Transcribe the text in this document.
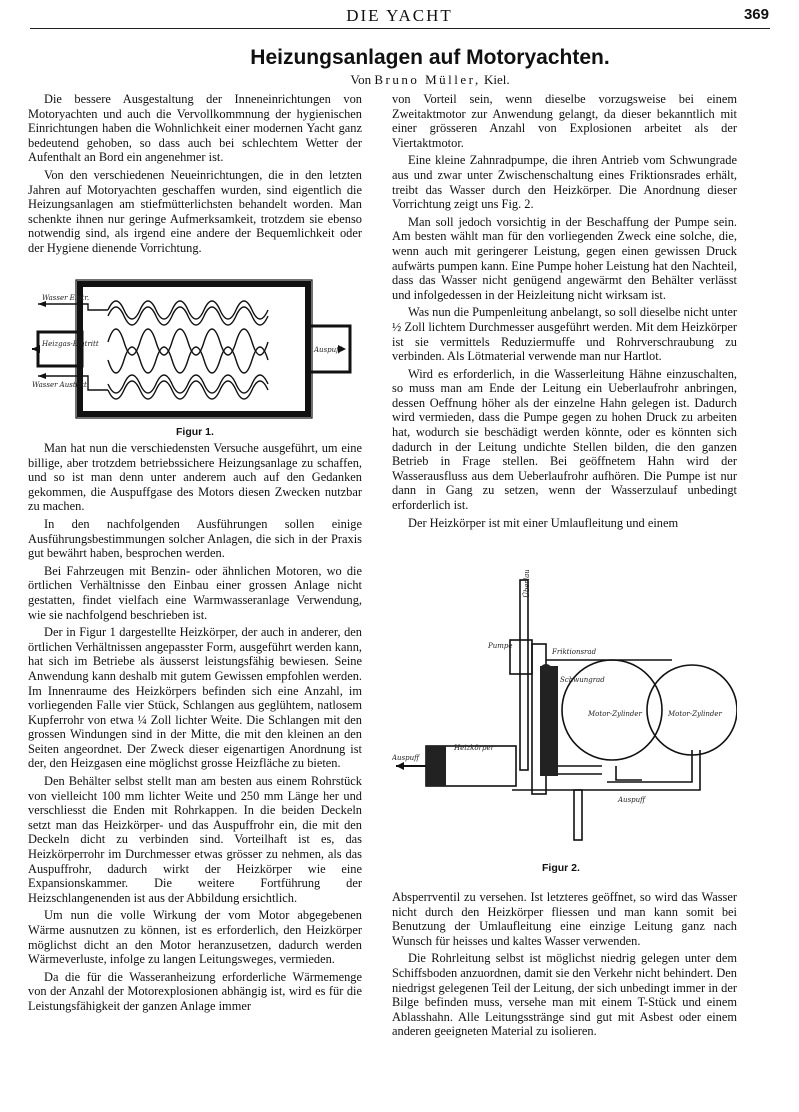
DIE YACHT	369
Heizungsanlagen auf Motoryachten.
Von Bruno Müller, Kiel.

Die bessere Ausgestaltung der Inneneinrichtungen von Motoryachten und auch die Vervollkommnung der hygienischen Einrichtungen haben die Wohnlichkeit einer modernen Yacht ganz bedeutend gehoben, so dass auch bei schlechtem Wetter der Aufenthalt an Bord ein angenehmer ist.

Von den verschiedenen Neueinrichtungen, die in den letzten Jahren auf Motoryachten geschaffen wurden, sind eigentlich die Heizungsanlagen am stiefmütterlichsten behandelt worden. Man schenkte ihnen nur geringe Aufmerksamkeit, trotzdem sie ebenso notwendig sind, als irgend eine andere der Bequemlichkeit oder der Hygiene dienende Vorrichtung.

Wasser Eintr.
Heizgas-Eintritt
Wasser Austritt
Auspuff
Figur 1.

Man hat nun die verschiedensten Versuche ausgeführt, um eine billige, aber trotzdem betriebssichere Heizungsanlage zu schaffen, und so ist man denn unter anderem auch auf den Gedanken gekommen, die Auspuffgase des Motors diesen Zwecken nutzbar zu machen.

In den nachfolgenden Ausführungen sollen einige Ausführungsbestimmungen solcher Anlagen, die sich in der Praxis gut bewährt haben, besprochen werden.

Bei Fahrzeugen mit Benzin- oder ähnlichen Motoren, wo die örtlichen Verhältnisse den Einbau einer grossen Anlage nicht gestatten, findet vielfach eine Warmwasseranlage Verwendung, wie sie nachfolgend beschrieben ist.

Der in Figur 1 dargestellte Heizkörper, der auch in anderer, den örtlichen Verhältnissen angepasster Form, ausgeführt werden kann, hat sich im Betriebe als äusserst leistungsfähig bewiesen. Seine Anwendung kann deshalb mit gutem Gewissen empfohlen werden. Im Innenraume des Heizkörpers befinden sich eine Anzahl, im vorliegenden Falle vier Stück, Schlangen aus geglühtem, natlosem Kupferrohr von etwa ¼ Zoll lichter Weite. Die Schlangen mit den grossen Windungen sind in der Mitte, die mit den kleinen an den Seiten angeordnet. Der Zweck dieser eigenartigen Anordnung ist der, den Heizgasen eine möglichst grosse Heizfläche zu bieten.

Den Behälter selbst stellt man am besten aus einem Rohrstück von vielleicht 100 mm lichter Weite und 250 mm Länge her und verschliesst die Enden mit Rohrkappen. In die beiden Deckeln setzt man das Heizkörper- und das Auspuffrohr ein, die mit den Deckeln dicht zu verbinden sind. Vorteilhaft ist es, das Heizkörperrohr im Durchmesser etwas grösser zu nehmen, als das Auspuffrohr, dadurch wirkt der Heizkörper wie eine Expansionskammer. Die weitere Fortführung der Heizschlangenenden ist aus der Abbildung ersichtlich.

Um nun die volle Wirkung der vom Motor abgegebenen Wärme ausnutzen zu können, ist es erforderlich, den Heizkörper möglichst dicht an den Motor heranzusetzen, dadurch werden Wärmeverluste, infolge zu langen Leitungsweges, vermieden.

Da die für die Wasseranheizung erforderliche Wärmemenge von der Anzahl der Motorexplosionen abhängig ist, wird es für die Leistungsfähigkeit der ganzen Anlage immer

von Vorteil sein, wenn dieselbe vorzugsweise bei einem Zweitaktmotor zur Anwendung gelangt, da dieser bekanntlich mit einer grösseren Anzahl von Explosionen arbeitet als der Viertaktmotor.

Eine kleine Zahnradpumpe, die ihren Antrieb vom Schwungrade aus und zwar unter Zwischenschaltung eines Friktionsrades erhält, treibt das Wasser durch den Heizkörper. Die Anordnung dieser Vorrichtung zeigt uns Fig. 2.

Man soll jedoch vorsichtig in der Beschaffung der Pumpe sein. Am besten wählt man für den vorliegenden Zweck eine solche, die, wenn auch mit geringerer Leistung, gegen einen gewissen Druck aufwärts pumpen kann. Eine Pumpe hoher Leistung hat den Nachteil, dass das Wasser nicht genügend angewärmt den Behälter verlässt und infolgedessen in der Heizleitung nicht wirksam ist.

Was nun die Pumpenleitung anbelangt, so soll dieselbe nicht unter ½ Zoll lichtem Durchmesser ausgeführt werden. Mit dem Heizkörper ist sie vermittels Reduziermuffe und Rohrverschraubung zu verbinden. Als Lötmaterial verwende man nur Hartlot.

Wird es erforderlich, in die Wasserleitung Hähne einzuschalten, so muss man am Ende der Leitung ein Ueberlaufrohr anbringen, dessen Oeffnung höher als der einzelne Hahn gelegen ist. Dadurch wird vermieden, dass die Pumpe gegen zu hohen Druck zu arbeiten hat, wodurch sie beschädigt werden könnte, oder es könnten sich dadurch in der Leitung undichte Stellen bilden, die den ganzen Betrieb in Frage stellen. Bei geöffnetem Hahn wird der Wasserausfluss aus dem Ueberlaufrohr aufhören. Die Pumpe ist nur dann in Gang zu setzen, wenn der Wasserzulauf unbedingt erforderlich ist.

Der Heizkörper ist mit einer Umlaufleitung und einem

Überlaufrohr
Pumpe
Friktionsrad
Schwungrad
Motor-Zylinder	Motor-Zylinder
Heizkörper
Auspuff
Auspuff
Figur 2.

Absperrventil zu versehen. Ist letzteres geöffnet, so wird das Wasser nicht durch den Heizkörper fliessen und man kann somit bei Benutzung der Umlaufleitung eine einzige Leitung ganz nach Wunsch für heisses und kaltes Wasser verwenden.

Die Rohrleitung selbst ist möglichst niedrig gelegen unter dem Schiffsboden anzuordnen, damit sie den Verkehr nicht behindert. Den niedrigst gelegenen Teil der Leitung, der sich unbedingt immer in der Bilge befinden muss, versehe man mit einem T-Stück und einem Ablasshahn. Alle Leitungsstränge sind gut mit Asbest oder einem anderen geeigneten Material zu isolieren.
